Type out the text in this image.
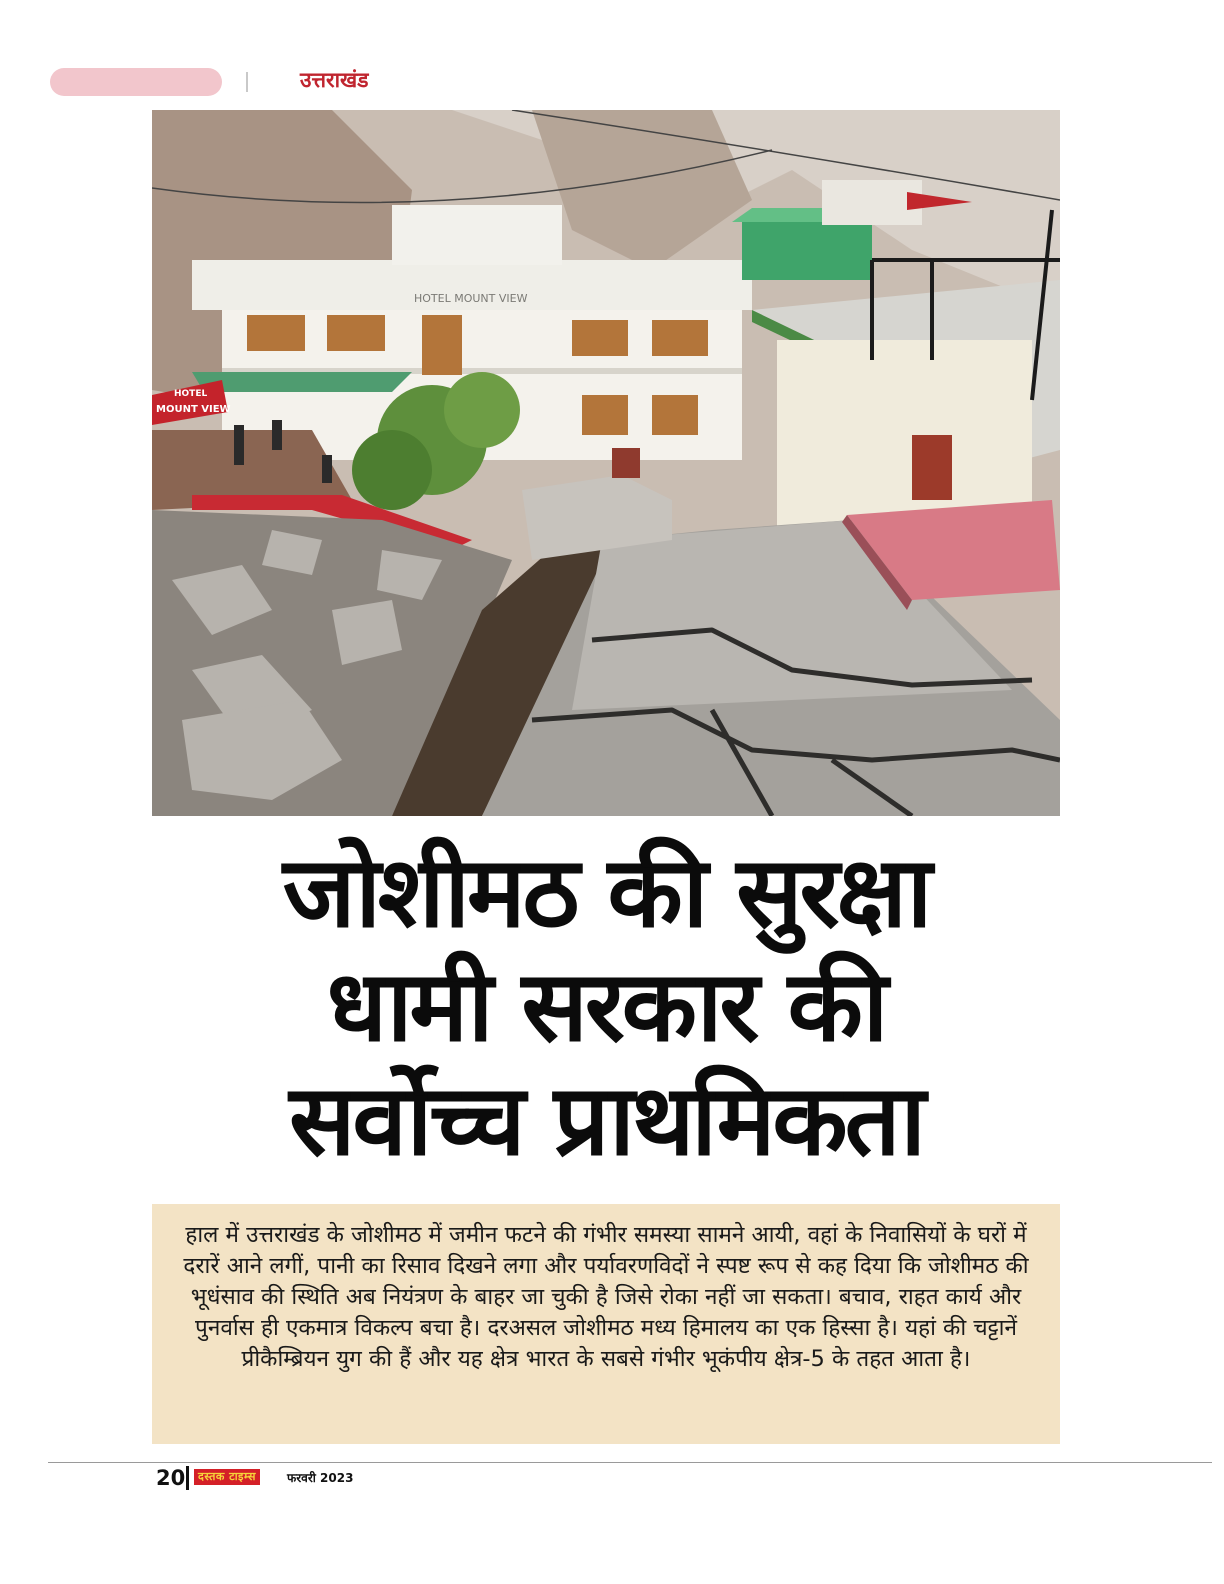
उत्तराखंड
HOTEL MOUNT VIEW
HOTEL
MOUNT VIEW
जोशीमठ की सुरक्षा
धामी सरकार की
सर्वोच्च प्राथमिकता

हाल में उत्तराखंड के जोशीमठ में जमीन फटने की गंभीर समस्या सामने आयी, वहां के निवासियों के घरों में दरारें आने लगीं, पानी का रिसाव दिखने लगा और पर्यावरणविदों ने स्पष्ट रूप से कह दिया कि जोशीमठ की भूधंसाव की स्थिति अब नियंत्रण के बाहर जा चुकी है जिसे रोका नहीं जा सकता। बचाव, राहत कार्य और पुनर्वास ही एकमात्र विकल्प बचा है। दरअसल जोशीमठ मध्य हिमालय का एक हिस्सा है। यहां की चट्टानें प्रीकैम्ब्रियन युग की हैं और यह क्षेत्र भारत के सबसे गंभीर भूकंपीय क्षेत्र-5 के तहत आता है।

20	दस्तक टाइम्स	फरवरी 2023
